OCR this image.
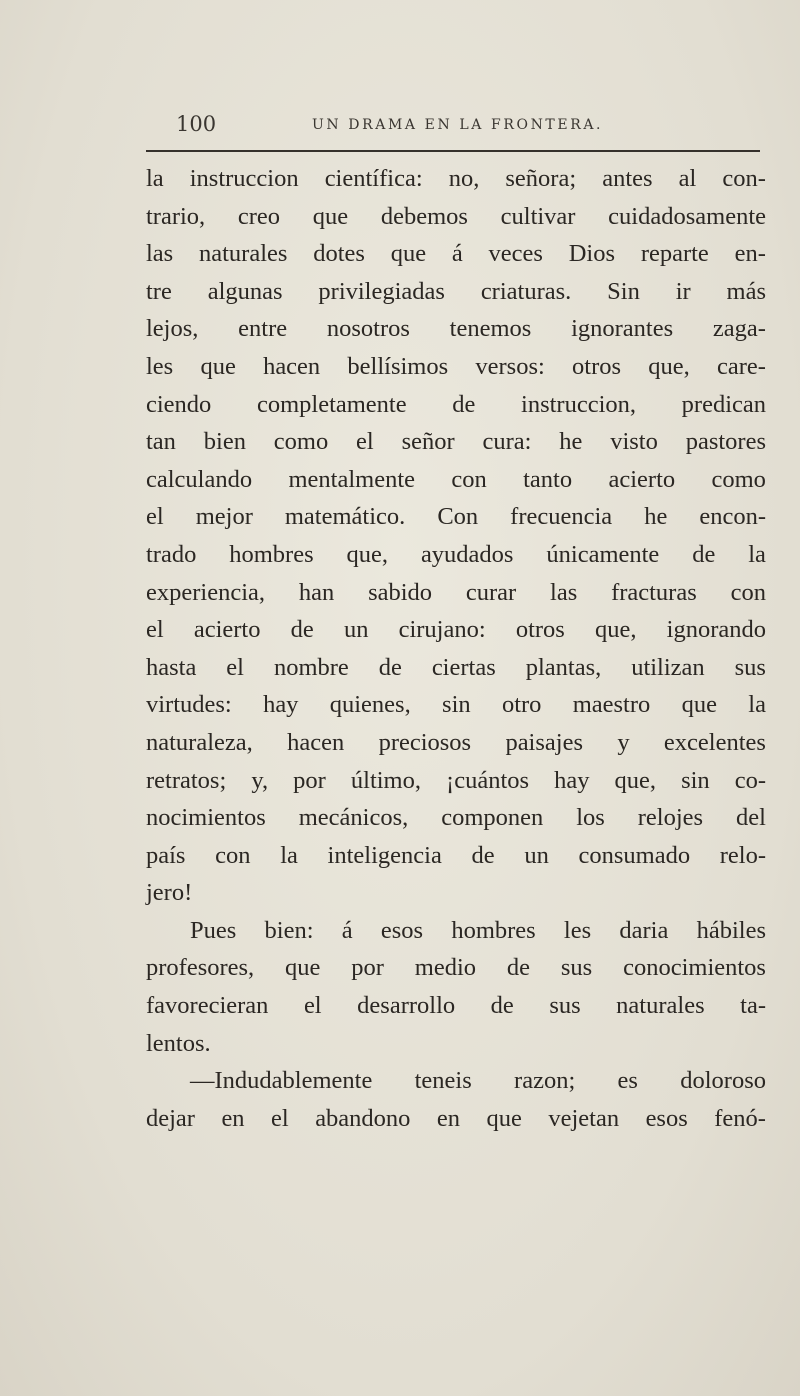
100	UN DRAMA EN LA FRONTERA.
la instruccion científica: no, señora; antes al con-
trario, creo que debemos cultivar cuidadosamente
las naturales dotes que á veces Dios reparte en-
tre algunas privilegiadas criaturas. Sin ir más
lejos, entre nosotros tenemos ignorantes zaga-
les que hacen bellísimos versos: otros que, care-
ciendo completamente de instruccion, predican
tan bien como el señor cura: he visto pastores
calculando mentalmente con tanto acierto como
el mejor matemático. Con frecuencia he encon-
trado hombres que, ayudados únicamente de la
experiencia, han sabido curar las fracturas con
el acierto de un cirujano: otros que, ignorando
hasta el nombre de ciertas plantas, utilizan sus
virtudes: hay quienes, sin otro maestro que la
naturaleza, hacen preciosos paisajes y excelentes
retratos; y, por último, ¡cuántos hay que, sin co-
nocimientos mecánicos, componen los relojes del
país con la inteligencia de un consumado relo-
jero!
Pues bien: á esos hombres les daria hábiles
profesores, que por medio de sus conocimientos
favorecieran el desarrollo de sus naturales ta-
lentos.
—Indudablemente teneis razon; es doloroso
dejar en el abandono en que vejetan esos fenó-
